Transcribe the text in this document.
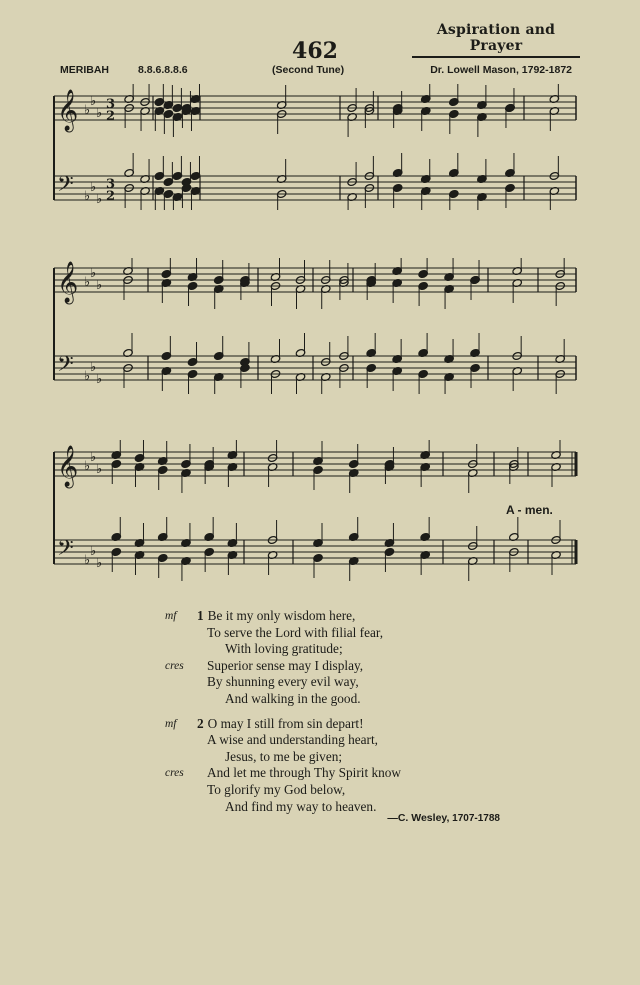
Aspiration and Prayer
462
MERIBAH	8.8.6.8.8.6	(Second Tune)	Dr. Lowell Mason, 1792-1872
𝄞
𝄢
♭
♭
♭
♭
♭
♭
3
2
3
2
𝄞
𝄢
♭
♭
♭
♭
♭
♭
𝄞
𝄢
♭
♭
♭
♭
♭
♭
A - men.
mf 1 Be it my only wisdom here,
To serve the Lord with filial fear,
With loving gratitude;
cres Superior sense may I display,
By shunning every evil way,
And walking in the good.
mf 2 O may I still from sin depart!
A wise and understanding heart,
Jesus, to me be given;
cres And let me through Thy Spirit know
To glorify my God below,
And find my way to heaven.
—C. Wesley, 1707-1788
